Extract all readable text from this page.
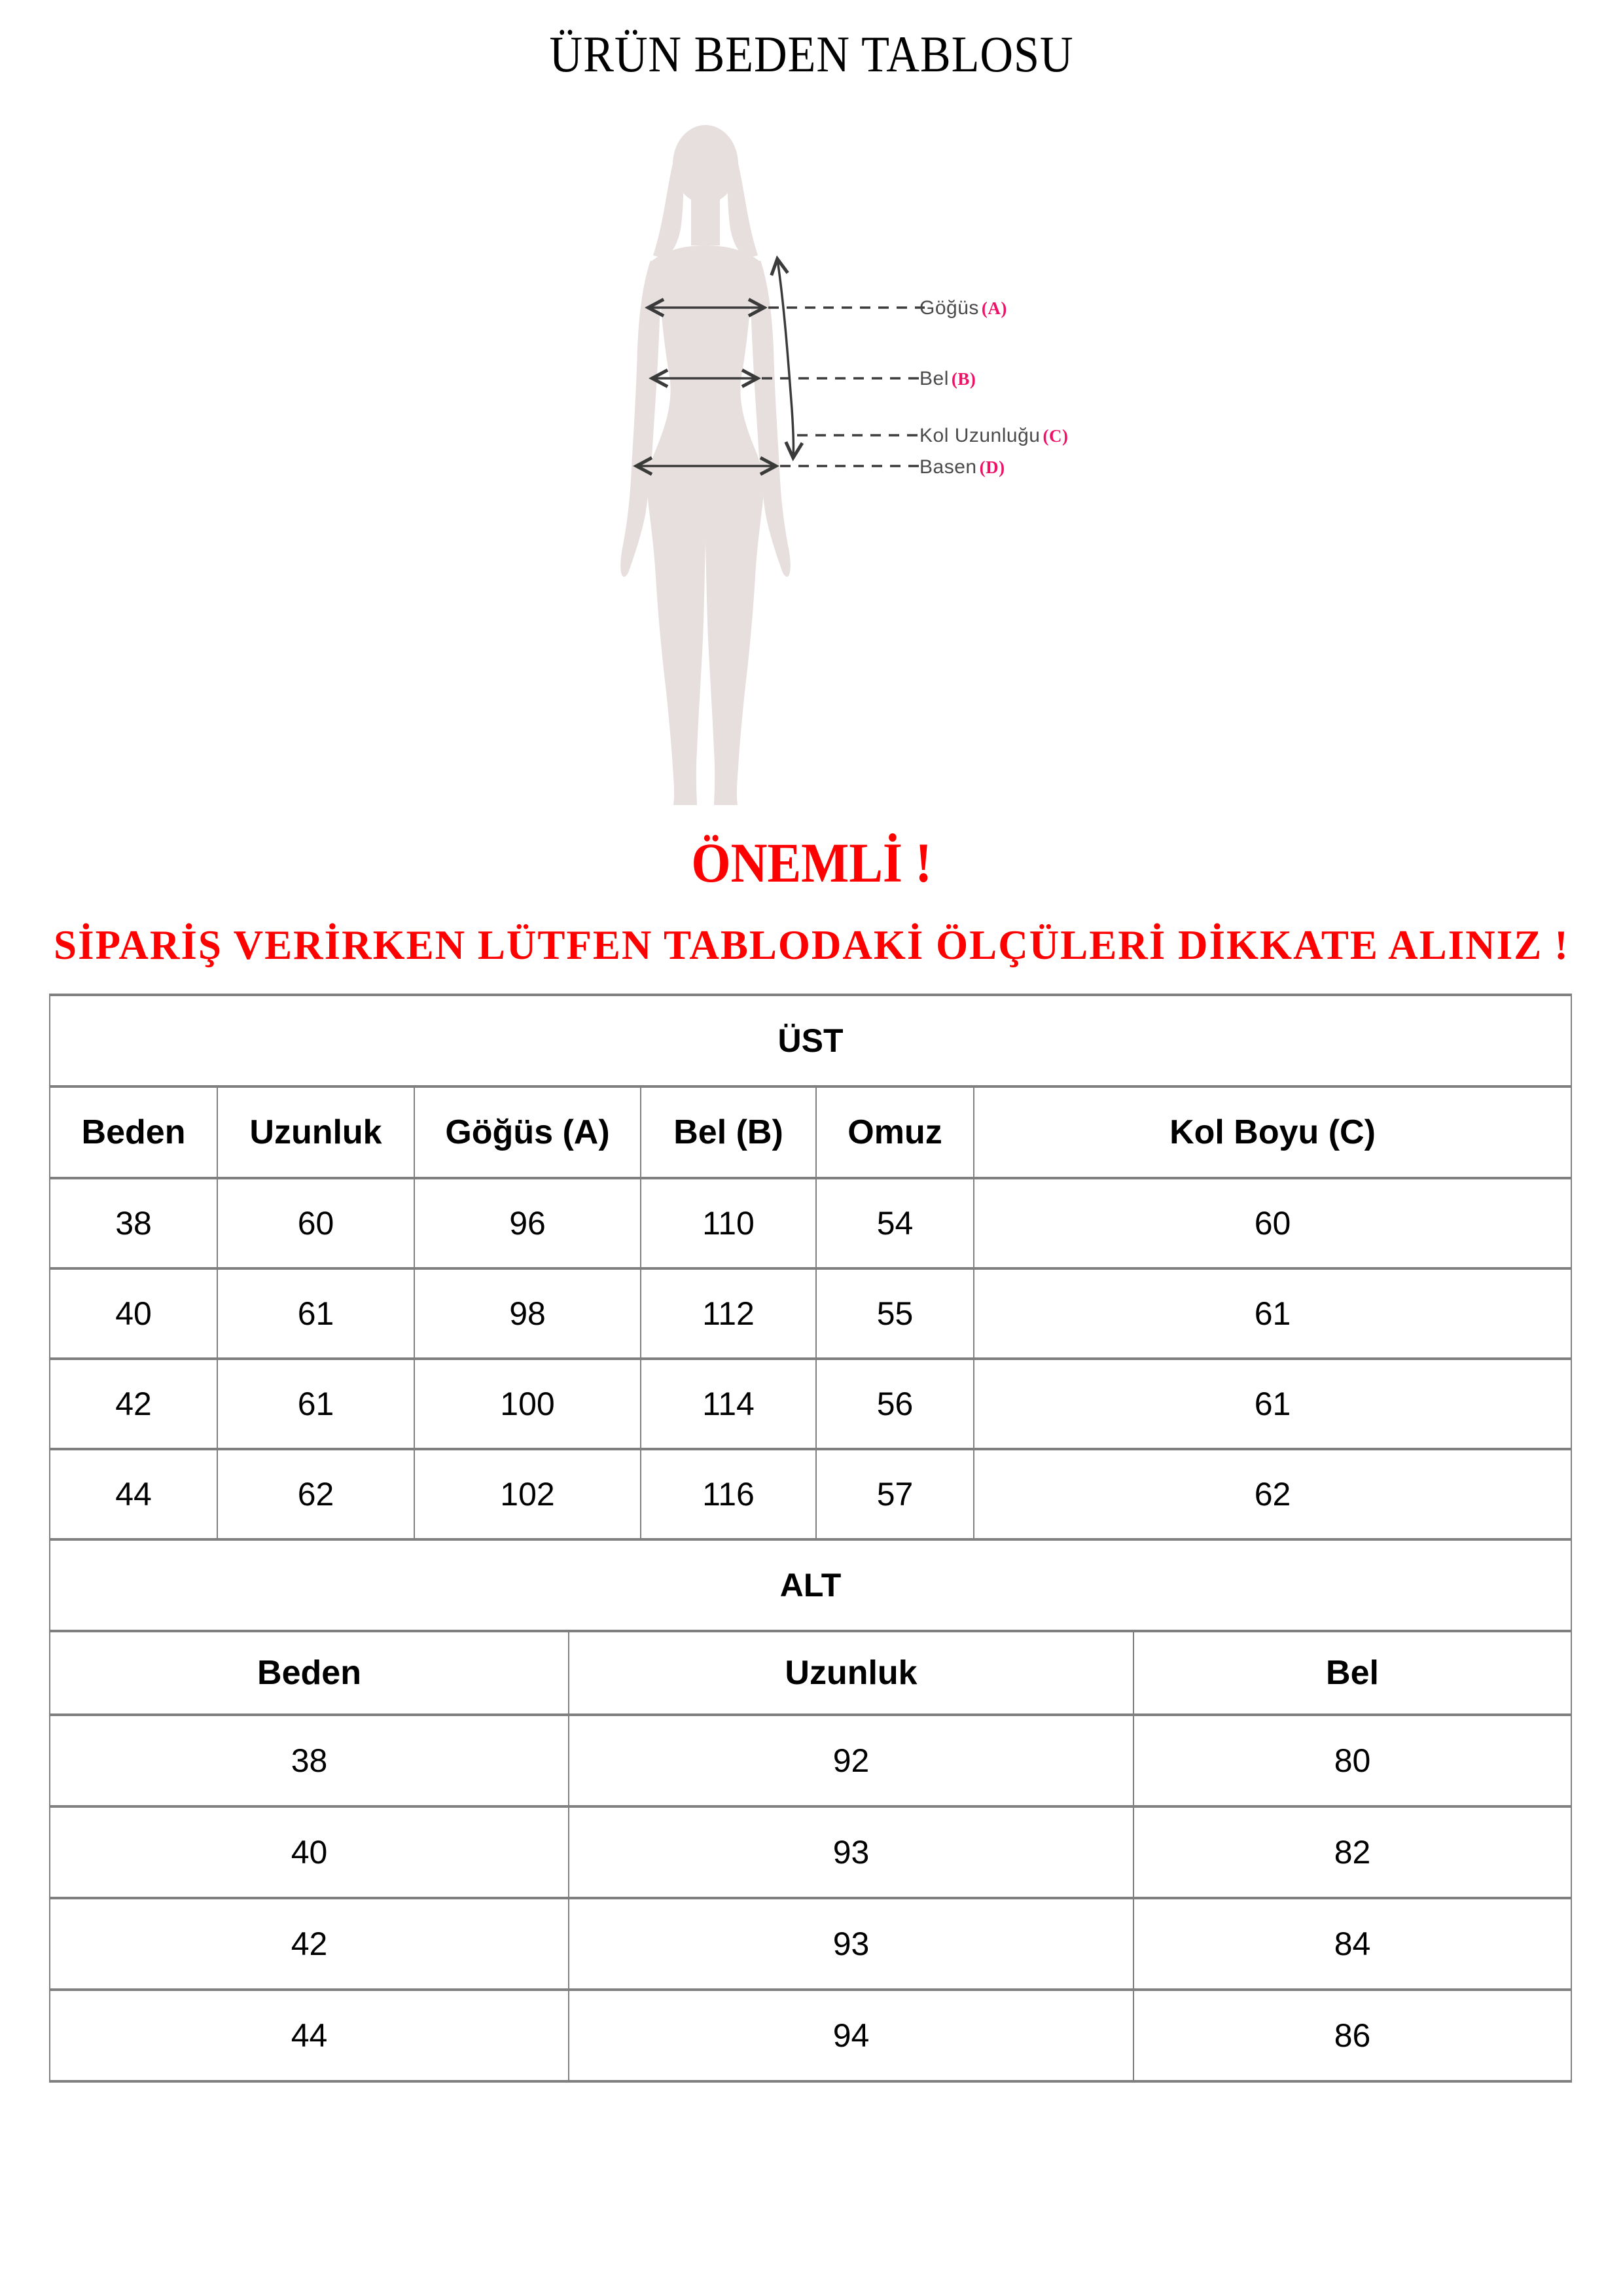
ÜRÜN BEDEN TABLOSU
Göğüs (A)
Bel (B)
Kol Uzunluğu (C)
Basen (D)
ÖNEMLİ !
SİPARİŞ VERİRKEN LÜTFEN TABLODAKİ ÖLÇÜLERİ DİKKATE ALINIZ !
ÜST					
Beden	Uzunluk	Göğüs (A)	Bel (B)	Omuz	Kol Boyu (C)
38	60	96	110	54	60
40	61	98	112	55	61
42	61	100	114	56	61
44	62	102	116	57	62
ALT		
Beden	Uzunluk	Bel
38	92	80
40	93	82
42	93	84
44	94	86
